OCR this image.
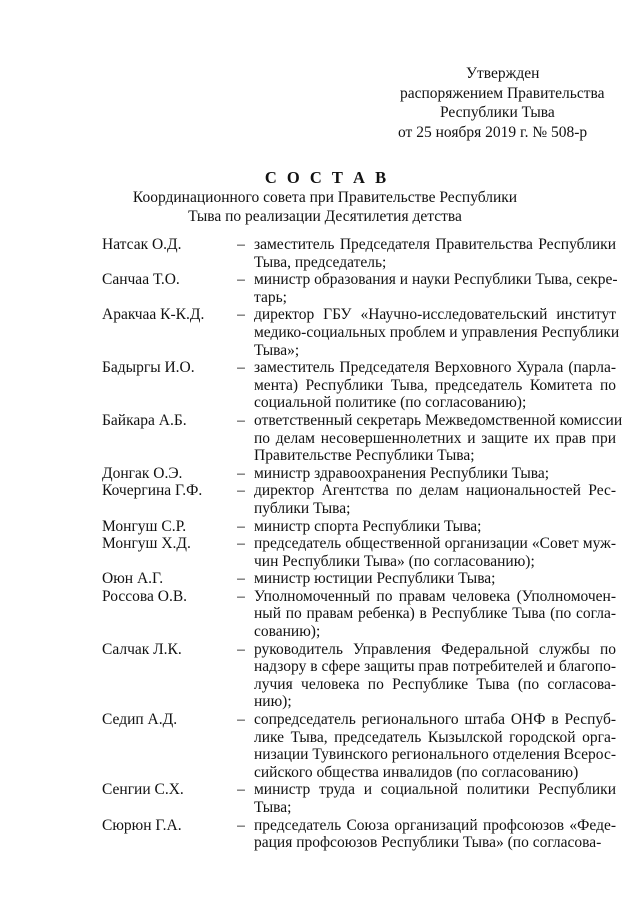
Утвержден
распоряжением Правительства
Республики Тыва
от 25 ноября 2019 г. № 508-р
С О С Т А В
Координационного совета при Правительстве Республики
Тыва по реализации Десятилетия детства
Натсак О.Д.	– заместитель Председателя Правительства Республики
Тыва, председатель;
Санчаа Т.О.	– министр образования и науки Республики Тыва, секре-
тарь;
Аракчаа К-К.Д.	– директор ГБУ «Научно-исследовательский институт
медико-социальных проблем и управления Республики
Тыва»;
Бадыргы И.О.	– заместитель Председателя Верховного Хурала (парла-
мента) Республики Тыва, председатель Комитета по
социальной политике (по согласованию);
Байкара А.Б.	– ответственный секретарь Межведомственной комиссии
по делам несовершеннолетних и защите их прав при
Правительстве Республики Тыва;
Донгак О.Э.	– министр здравоохранения Республики Тыва;
Кочергина Г.Ф.	– директор Агентства по делам национальностей Рес-
публики Тыва;
Монгуш С.Р.	– министр спорта Республики Тыва;
Монгуш Х.Д.	– председатель общественной организации «Совет муж-
чин Республики Тыва» (по согласованию);
Оюн А.Г.	– министр юстиции Республики Тыва;
Россова О.В.	– Уполномоченный по правам человека (Уполномочен-
ный по правам ребенка) в Республике Тыва (по согла-
сованию);
Салчак Л.К.	– руководитель Управления Федеральной службы по
надзору в сфере защиты прав потребителей и благопо-
лучия человека по Республике Тыва (по согласова-
нию);
Седип А.Д.	– сопредседатель регионального штаба ОНФ в Респуб-
лике Тыва, председатель Кызылской городской орга-
низации Тувинского регионального отделения Всерос-
сийского общества инвалидов (по согласованию)
Сенгии С.Х.	– министр труда и социальной политики Республики
Тыва;
Сюрюн Г.А.	– председатель Союза организаций профсоюзов «Феде-
рация профсоюзов Республики Тыва» (по согласова-
